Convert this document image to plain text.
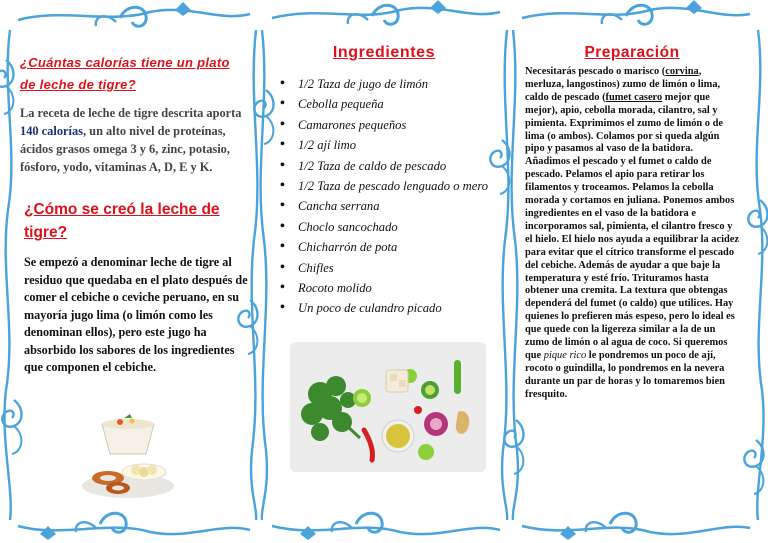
¿Cuántas calorías tiene un plato de leche de tigre?
La receta de leche de tigre descrita aporta 140 calorías, un alto nivel de proteínas, ácidos grasos omega 3 y 6, zinc, potasio, fósforo, yodo, vitaminas A, D, E y K.
¿Cómo se creó la leche de tigre?
Se empezó a denominar leche de tigre al residuo que quedaba en el plato después de comer el cebiche o ceviche peruano, en su mayoría jugo lima (o limón como les denominan ellos), pero este jugo ha absorbido los sabores de los ingredientes que componen el cebiche.
Ingredientes
• 1/2 Taza de jugo de limón
• Cebolla pequeña
• Camarones pequeños
• 1/2 ají limo
• 1/2 Taza de caldo de pescado
• 1/2 Taza de pescado lenguado o mero
• Cancha serrana
• Choclo sancochado
• Chicharrón de pota
• Chifles
• Rocoto molido
• Un poco de culandro picado
Preparación
Necesitarás pescado o marisco (corvina, merluza, langostinos) zumo de limón o lima, caldo de pescado (fumet casero mejor que mejor), apio, cebolla morada, cilantro, sal y pimienta. Exprimimos el zumo de limón o de lima (o ambos). Colamos por si queda algún pipo y pasamos al vaso de la batidora. Añadimos el pescado y el fumet o caldo de pescado. Pelamos el apio para retirar los filamentos y troceamos. Pelamos la cebolla morada y cortamos en juliana. Ponemos ambos ingredientes en el vaso de la batidora e incorporamos sal, pimienta, el cilantro fresco y el hielo. El hielo nos ayuda a equilibrar la acidez para evitar que el cítrico transforme el pescado del cebiche. Además de ayudar a que baje la temperatura y esté frío. Trituramos hasta obtener una cremita. La textura que obtengas dependerá del fumet (o caldo) que utilices. Hay quienes lo prefieren más espeso, pero lo ideal es que quede con la ligereza similar a la de un zumo de limón o al agua de coco. Si queremos que pique rico le pondremos un poco de ají, rocoto o guindilla, lo pondremos en la nevera durante un par de horas y lo tomaremos bien fresquito.
